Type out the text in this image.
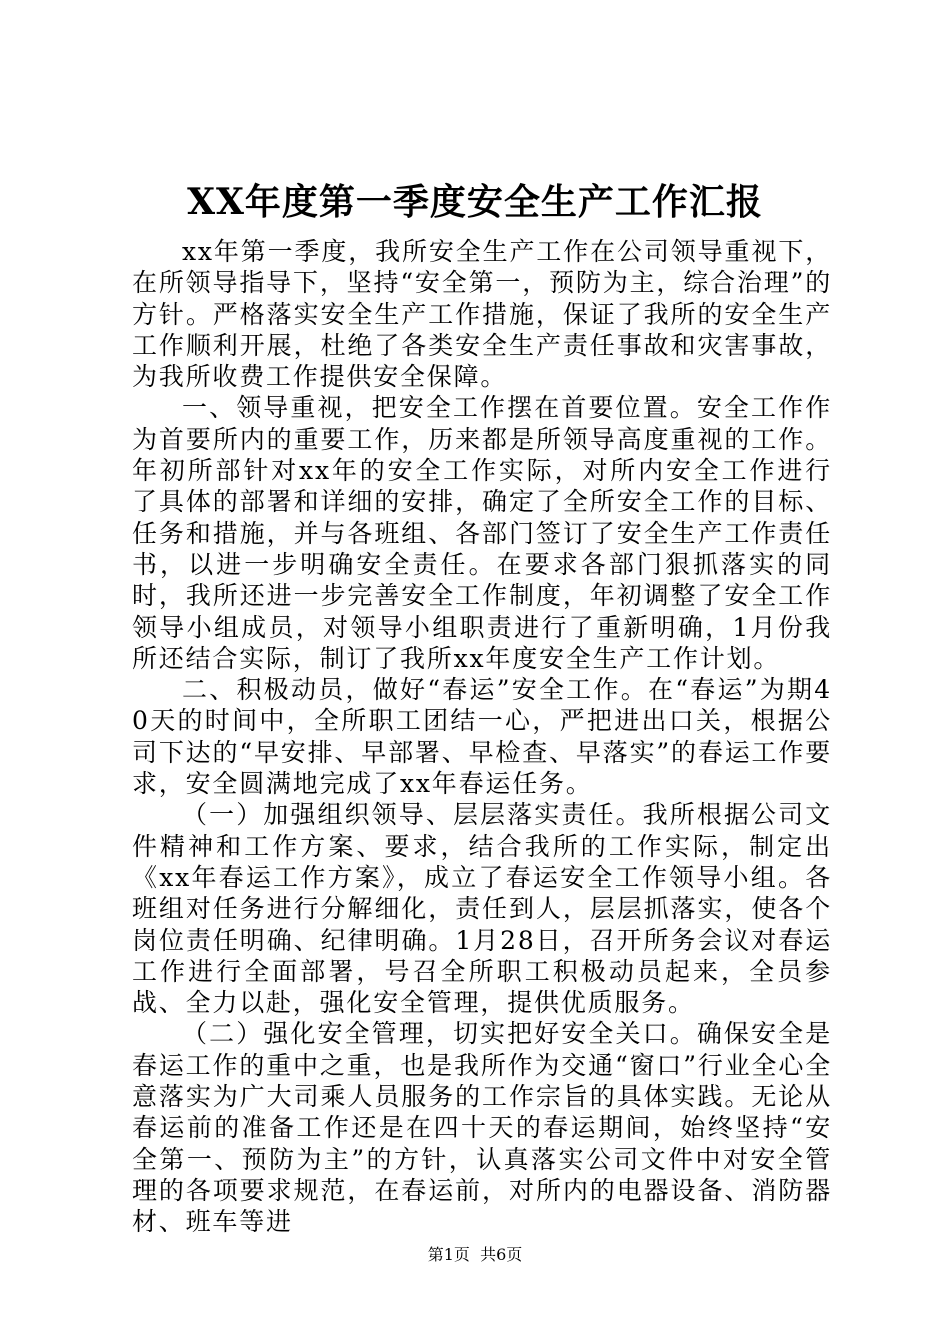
XX年度第一季度安全生产工作汇报

xx年第一季度，我所安全生产工作在公司领导重视下，在所领导指导下，坚持“安全第一，预防为主，综合治理”的方针。严格落实安全生产工作措施，保证了我所的安全生产工作顺利开展，杜绝了各类安全生产责任事故和灾害事故，为我所收费工作提供安全保障。

一、领导重视，把安全工作摆在首要位置。安全工作作为首要所内的重要工作，历来都是所领导高度重视的工作。年初所部针对xx年的安全工作实际，对所内安全工作进行了具体的部署和详细的安排，确定了全所安全工作的目标、任务和措施，并与各班组、各部门签订了安全生产工作责任书，以进一步明确安全责任。在要求各部门狠抓落实的同时，我所还进一步完善安全工作制度，年初调整了安全工作领导小组成员，对领导小组职责进行了重新明确，1月份我所还结合实际，制订了我所xx年度安全生产工作计划。

二、积极动员，做好“春运”安全工作。在“春运”为期40天的时间中，全所职工团结一心，严把进出口关，根据公司下达的“早安排、早部署、早检查、早落实”的春运工作要求，安全圆满地完成了xx年春运任务。

（一）加强组织领导、层层落实责任。我所根据公司文件精神和工作方案、要求，结合我所的工作实际，制定出《xx年春运工作方案》，成立了春运安全工作领导小组。各班组对任务进行分解细化，责任到人，层层抓落实，使各个岗位责任明确、纪律明确。1月28日，召开所务会议对春运工作进行全面部署，号召全所职工积极动员起来，全员参战、全力以赴，强化安全管理，提供优质服务。

（二）强化安全管理，切实把好安全关口。确保安全是春运工作的重中之重，也是我所作为交通“窗口”行业全心全意落实为广大司乘人员服务的工作宗旨的具体实践。无论从春运前的准备工作还是在四十天的春运期间，始终坚持“安全第一、预防为主”的方针，认真落实公司文件中对安全管理的各项要求规范，在春运前，对所内的电器设备、消防器材、班车等进

第1页  共6页
